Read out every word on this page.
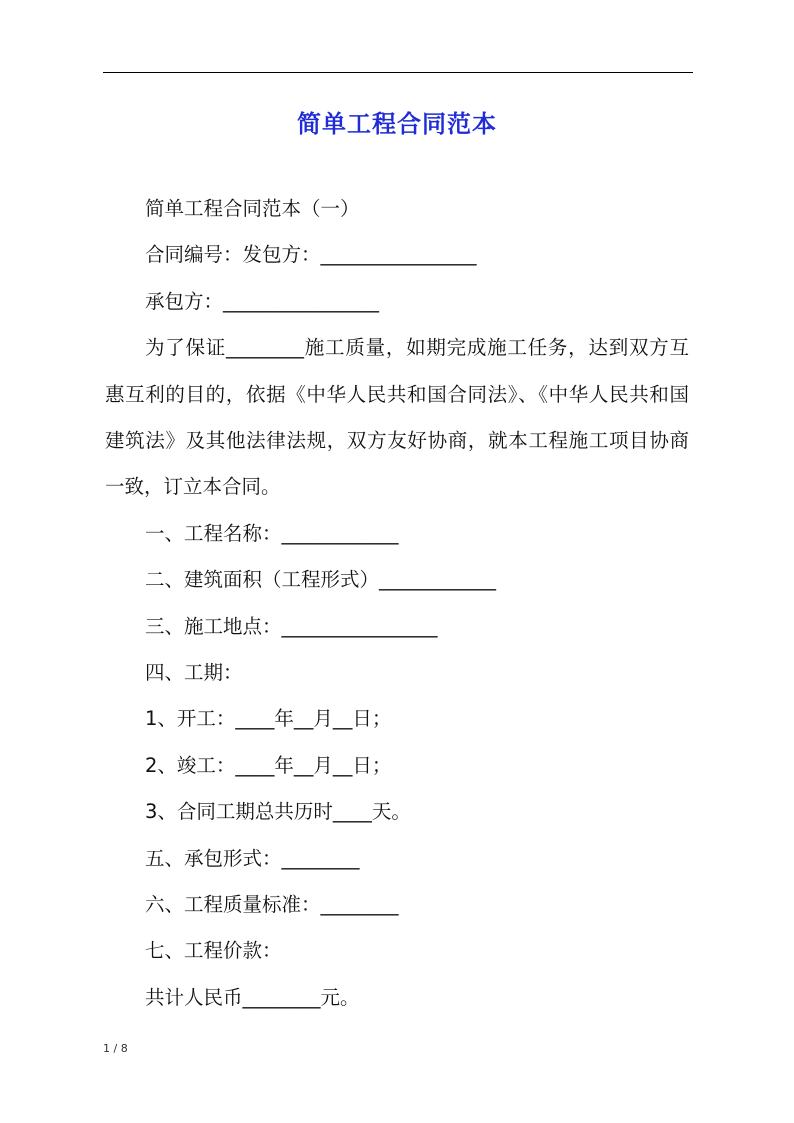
简单工程合同范本

简单工程合同范本（一）

合同编号：发包方：________________

承包方：________________

为了保证________施工质量，如期完成施工任务，达到双方互惠互利的目的，依据《中华人民共和国合同法》、《中华人民共和国建筑法》及其他法律法规，双方友好协商，就本工程施工项目协商一致，订立本合同。

一、工程名称：____________

二、建筑面积（工程形式）____________

三、施工地点：________________

四、工期：

1、开工：____年__月__日；

2、竣工：____年__月__日；

3、合同工期总共历时____天。

五、承包形式：________

六、工程质量标准：________

七、工程价款：

共计人民币________元。

1 / 8
